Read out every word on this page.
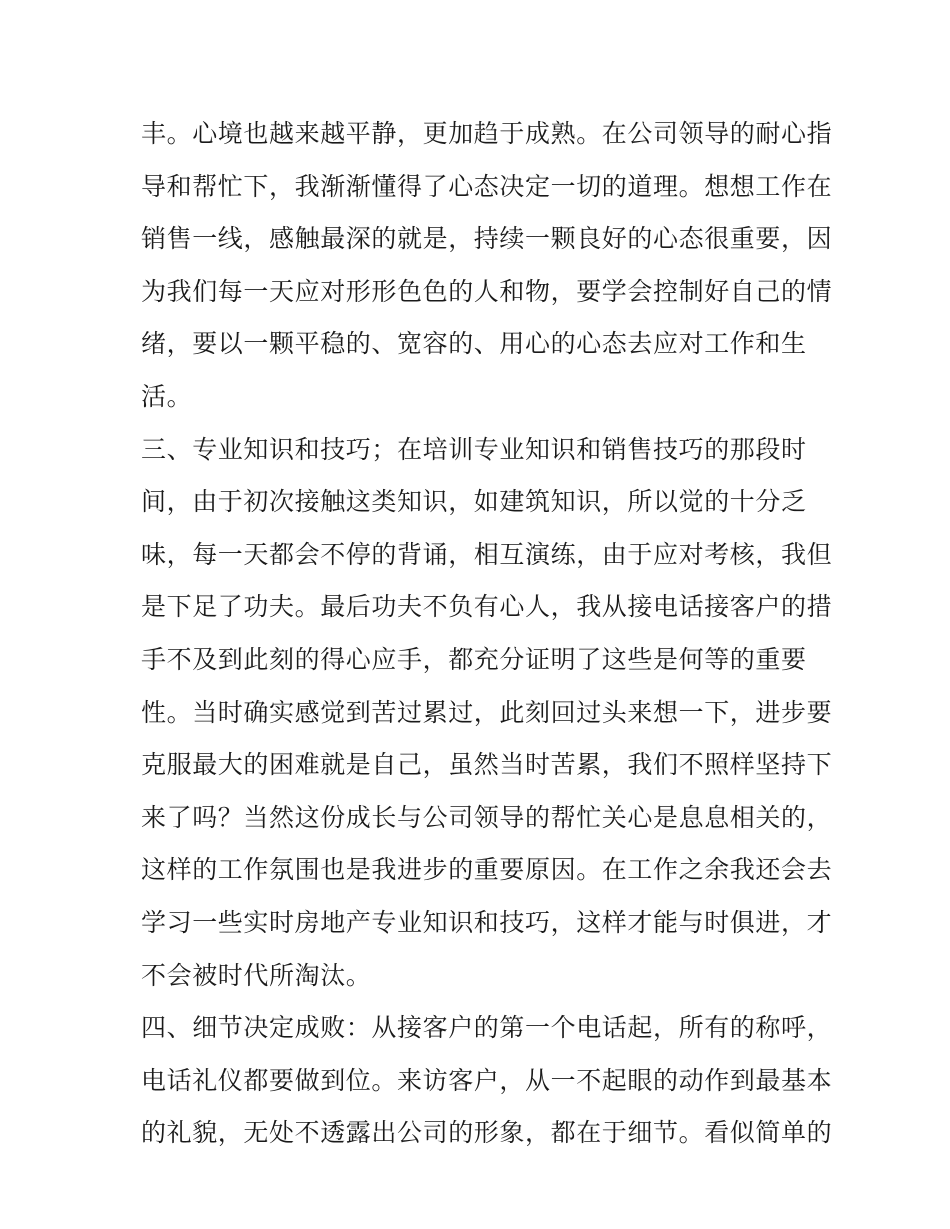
丰。心境也越来越平静，更加趋于成熟。在公司领导的耐心指
导和帮忙下，我渐渐懂得了心态决定一切的道理。想想工作在
销售一线，感触最深的就是，持续一颗良好的心态很重要，因
为我们每一天应对形形色色的人和物，要学会控制好自己的情
绪，要以一颗平稳的、宽容的、用心的心态去应对工作和生
活。
三、专业知识和技巧；在培训专业知识和销售技巧的那段时
间，由于初次接触这类知识，如建筑知识，所以觉的十分乏
味，每一天都会不停的背诵，相互演练，由于应对考核，我但
是下足了功夫。最后功夫不负有心人，我从接电话接客户的措
手不及到此刻的得心应手，都充分证明了这些是何等的重要
性。当时确实感觉到苦过累过，此刻回过头来想一下，进步要
克服最大的困难就是自己，虽然当时苦累，我们不照样坚持下
来了吗？当然这份成长与公司领导的帮忙关心是息息相关的，
这样的工作氛围也是我进步的重要原因。在工作之余我还会去
学习一些实时房地产专业知识和技巧，这样才能与时俱进，才
不会被时代所淘汰。
四、细节决定成败：从接客户的第一个电话起，所有的称呼，
电话礼仪都要做到位。来访客户，从一不起眼的动作到最基本
的礼貌，无处不透露出公司的形象，都在于细节。看似简单的
